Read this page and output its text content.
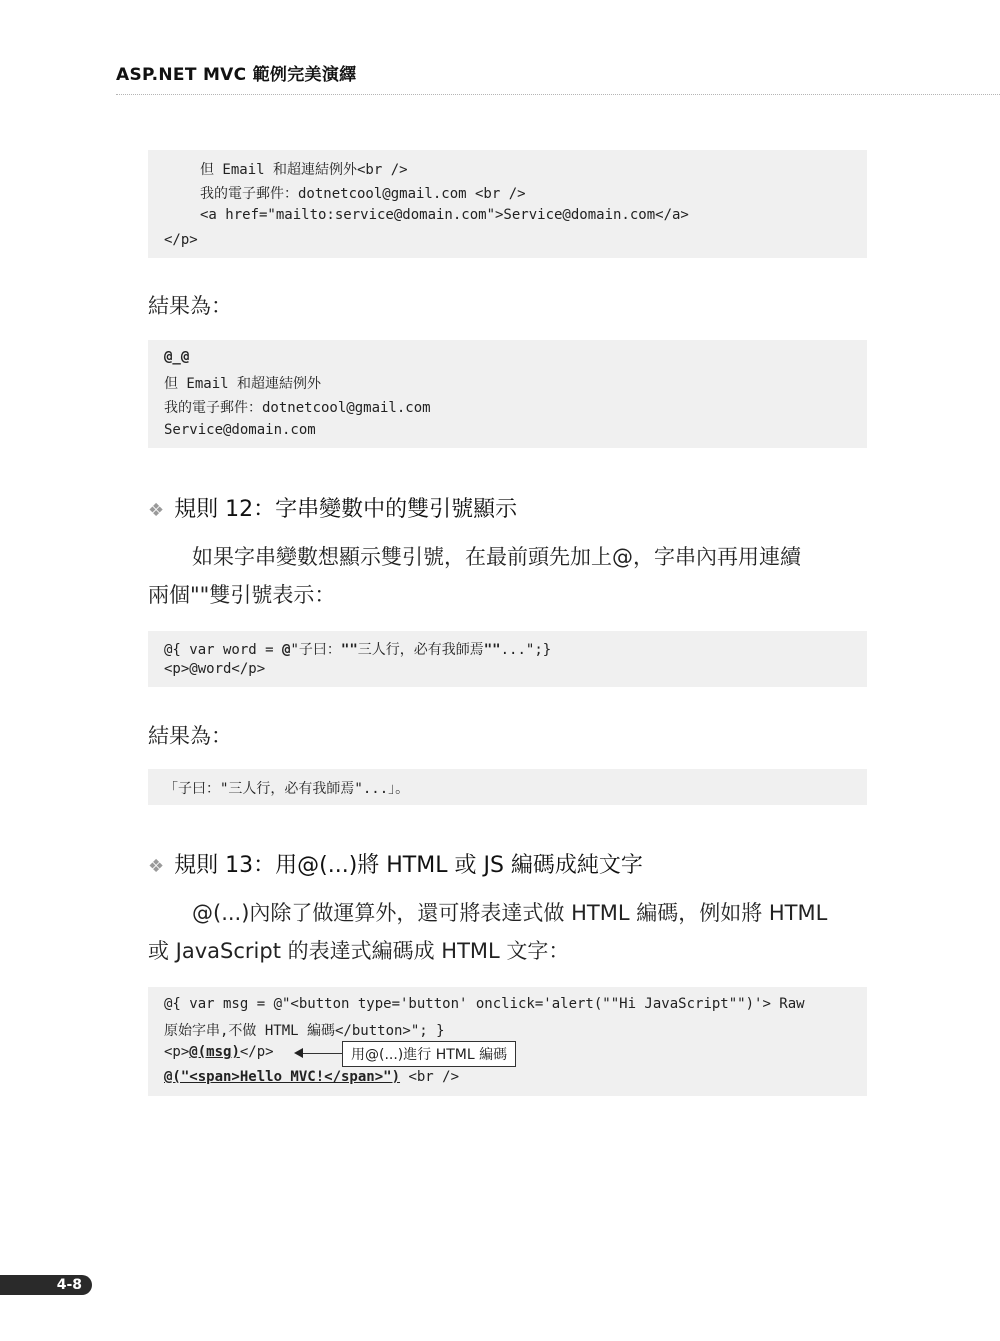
ASP.NET MVC 範例完美演繹
但 Email 和超連結例外<br />
我的電子郵件：dotnetcool@gmail.com <br />
<a href="mailto:service@domain.com">Service@domain.com</a>
</p>
結果為：
@_@
但 Email 和超連結例外
我的電子郵件：dotnetcool@gmail.com
Service@domain.com
❖ 規則 12：字串變數中的雙引號顯示
如果字串變數想顯示雙引號，在最前頭先加上@，字串內再用連續
兩個""雙引號表示：
@{ var word = @"子曰：""三人行，必有我師焉""...";}
<p>@word</p>
結果為：
「子曰："三人行，必有我師焉"...」。
❖ 規則 13：用@(...)將 HTML 或 JS 編碼成純文字
@(...)內除了做運算外，還可將表達式做 HTML 編碼，例如將 HTML
或 JavaScript 的表達式編碼成 HTML 文字：
@{ var msg = @"<button type='button' onclick='alert(""Hi JavaScript"")'> Raw
原始字串,不做 HTML 編碼</button>"; }
<p>@(msg)</p>
@("<span>Hello MVC!</span>") <br />
用@(...)進行 HTML 編碼
4-8
